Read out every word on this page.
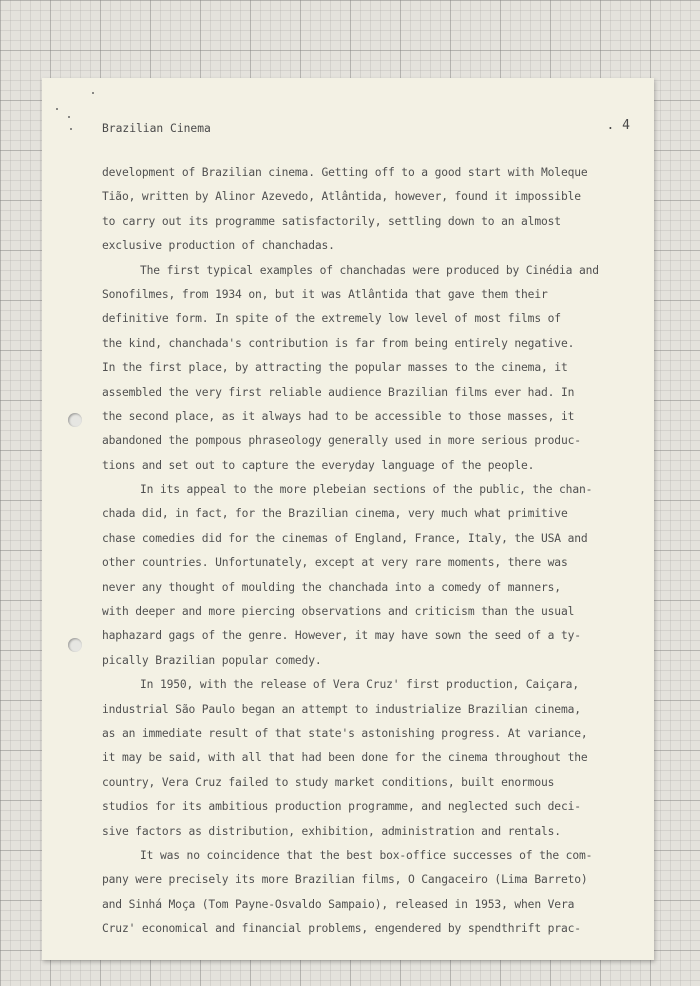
Brazilian Cinema	. 4
development of Brazilian cinema. Getting off to a good start with Moleque
Tião, written by Alinor Azevedo, Atlântida, however, found it impossible
to carry out its programme satisfactorily, settling down to an almost
exclusive production of chanchadas.
The first typical examples of chanchadas were produced by Cinédia and
Sonofilmes, from 1934 on, but it was Atlântida that gave them their
definitive form. In spite of the extremely low level of most films of
the kind, chanchada's contribution is far from being entirely negative.
In the first place, by attracting the popular masses to the cinema, it
assembled the very first reliable audience Brazilian films ever had. In
the second place, as it always had to be accessible to those masses, it
abandoned the pompous phraseology generally used in more serious produc-
tions and set out to capture the everyday language of the people.
In its appeal to the more plebeian sections of the public, the chan-
chada did, in fact, for the Brazilian cinema, very much what primitive
chase comedies did for the cinemas of England, France, Italy, the USA and
other countries. Unfortunately, except at very rare moments, there was
never any thought of moulding the chanchada into a comedy of manners,
with deeper and more piercing observations and criticism than the usual
haphazard gags of the genre. However, it may have sown the seed of a ty-
pically Brazilian popular comedy.
In 1950, with the release of Vera Cruz' first production, Caiçara,
industrial São Paulo began an attempt to industrialize Brazilian cinema,
as an immediate result of that state's astonishing progress. At variance,
it may be said, with all that had been done for the cinema throughout the
country, Vera Cruz failed to study market conditions, built enormous
studios for its ambitious production programme, and neglected such deci-
sive factors as distribution, exhibition, administration and rentals.
It was no coincidence that the best box-office successes of the com-
pany were precisely its more Brazilian films, O Cangaceiro (Lima Barreto)
and Sinhá Moça (Tom Payne-Osvaldo Sampaio), released in 1953, when Vera
Cruz' economical and financial problems, engendered by spendthrift prac-
